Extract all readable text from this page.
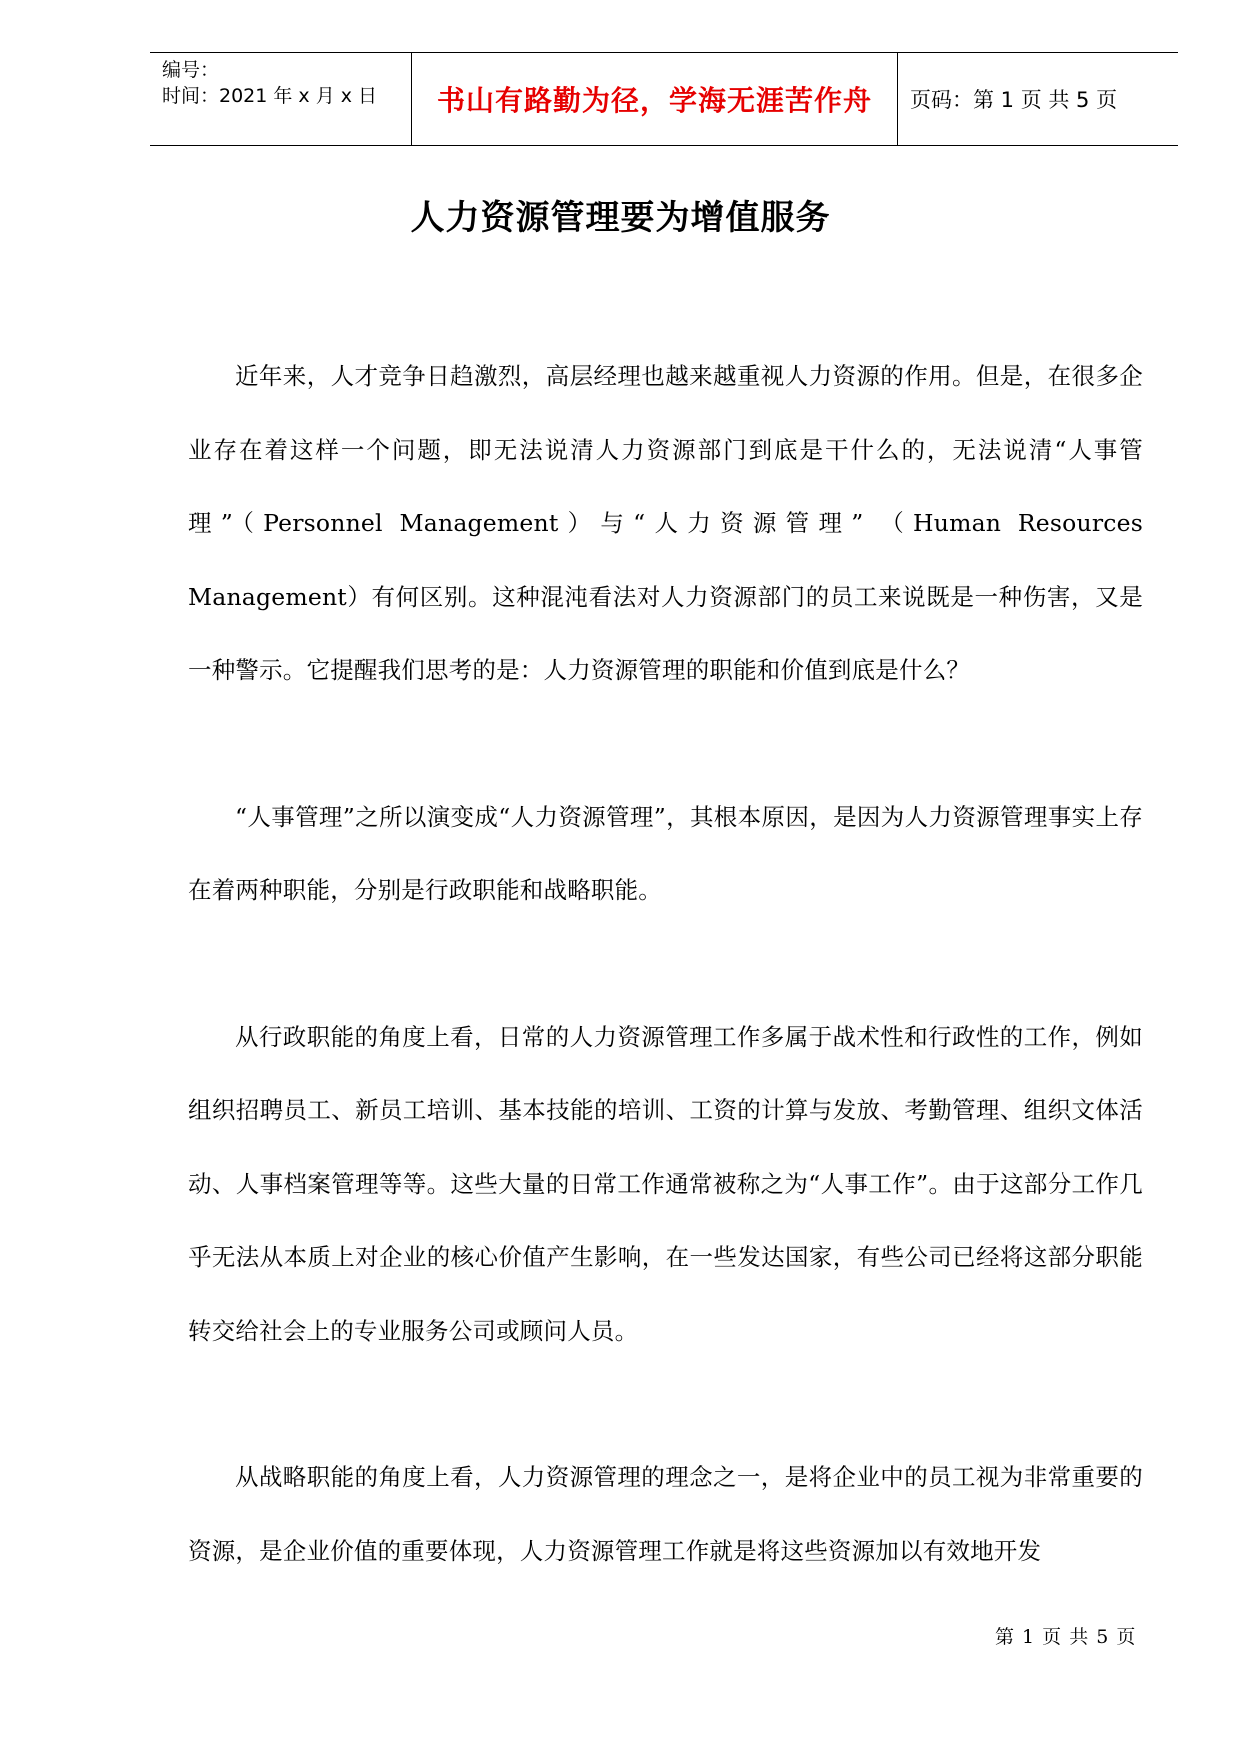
编号：
时间：2021 年 x 月 x 日	书山有路勤为径，学海无涯苦作舟	页码：第 1 页 共 5 页
人力资源管理要为增值服务

近年来，人才竞争日趋激烈，高层经理也越来越重视人力资源的作用。但是，在很多企业存在着这样一个问题，即无法说清人力资源部门到底是干什么的，无法说清“人事管理”（Personnel Management）与“人力资源管理” （Human Resources Management）有何区别。这种混沌看法对人力资源部门的员工来说既是一种伤害，又是一种警示。它提醒我们思考的是：人力资源管理的职能和价值到底是什么？

“人事管理”之所以演变成“人力资源管理”，其根本原因，是因为人力资源管理事实上存在着两种职能，分别是行政职能和战略职能。

从行政职能的角度上看，日常的人力资源管理工作多属于战术性和行政性的工作，例如组织招聘员工、新员工培训、基本技能的培训、工资的计算与发放、考勤管理、组织文体活动、人事档案管理等等。这些大量的日常工作通常被称之为“人事工作”。由于这部分工作几乎无法从本质上对企业的核心价值产生影响，在一些发达国家，有些公司已经将这部分职能转交给社会上的专业服务公司或顾问人员。

从战略职能的角度上看，人力资源管理的理念之一，是将企业中的员工视为非常重要的资源，是企业价值的重要体现，人力资源管理工作就是将这些资源加以有效地开发

第 1 页 共 5 页
